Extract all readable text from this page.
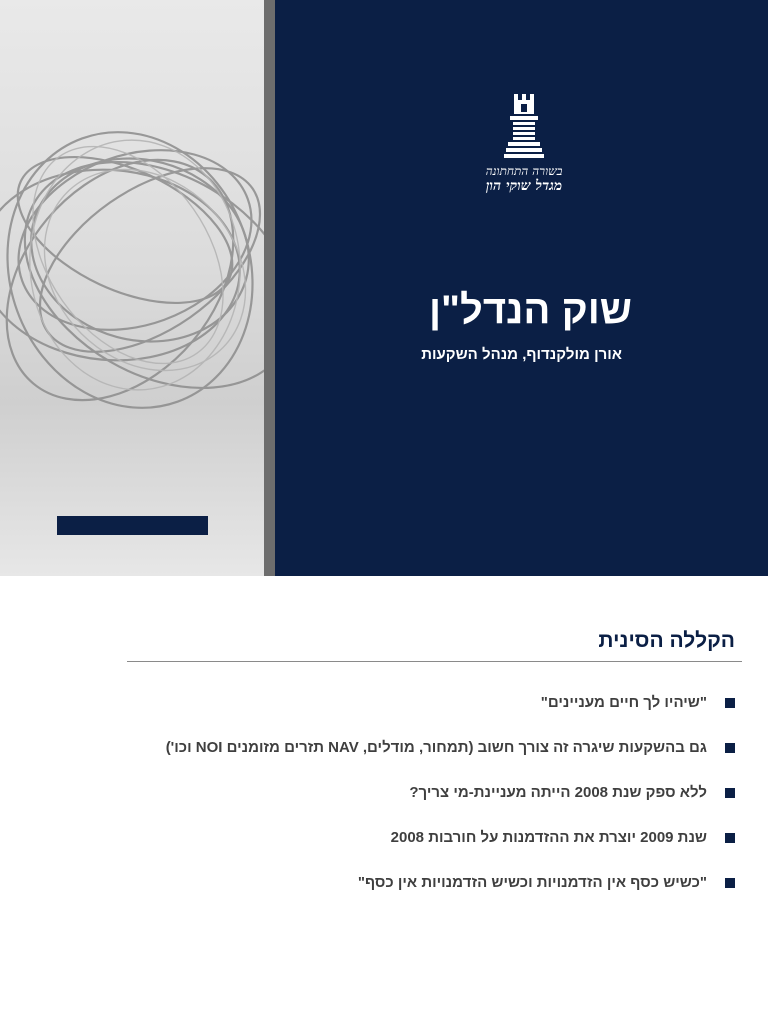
בשורה התחתונה
מגדל שוקי הון
שוק הנדל"ן
אורן מולקנדוף, מנהל השקעות
הקללה הסינית
"שיהיו לך חיים מעניינים"
גם בהשקעות שיגרה זה צורך חשוב (תמחור, מודלים, NAV תזרים מזומנים NOI וכו')
ללא ספק שנת 2008 הייתה מעניינת-מי צריך?
שנת 2009 יוצרת את ההזדמנות על חורבות 2008
"כשיש כסף אין הזדמנויות וכשיש הזדמנויות אין כסף"
